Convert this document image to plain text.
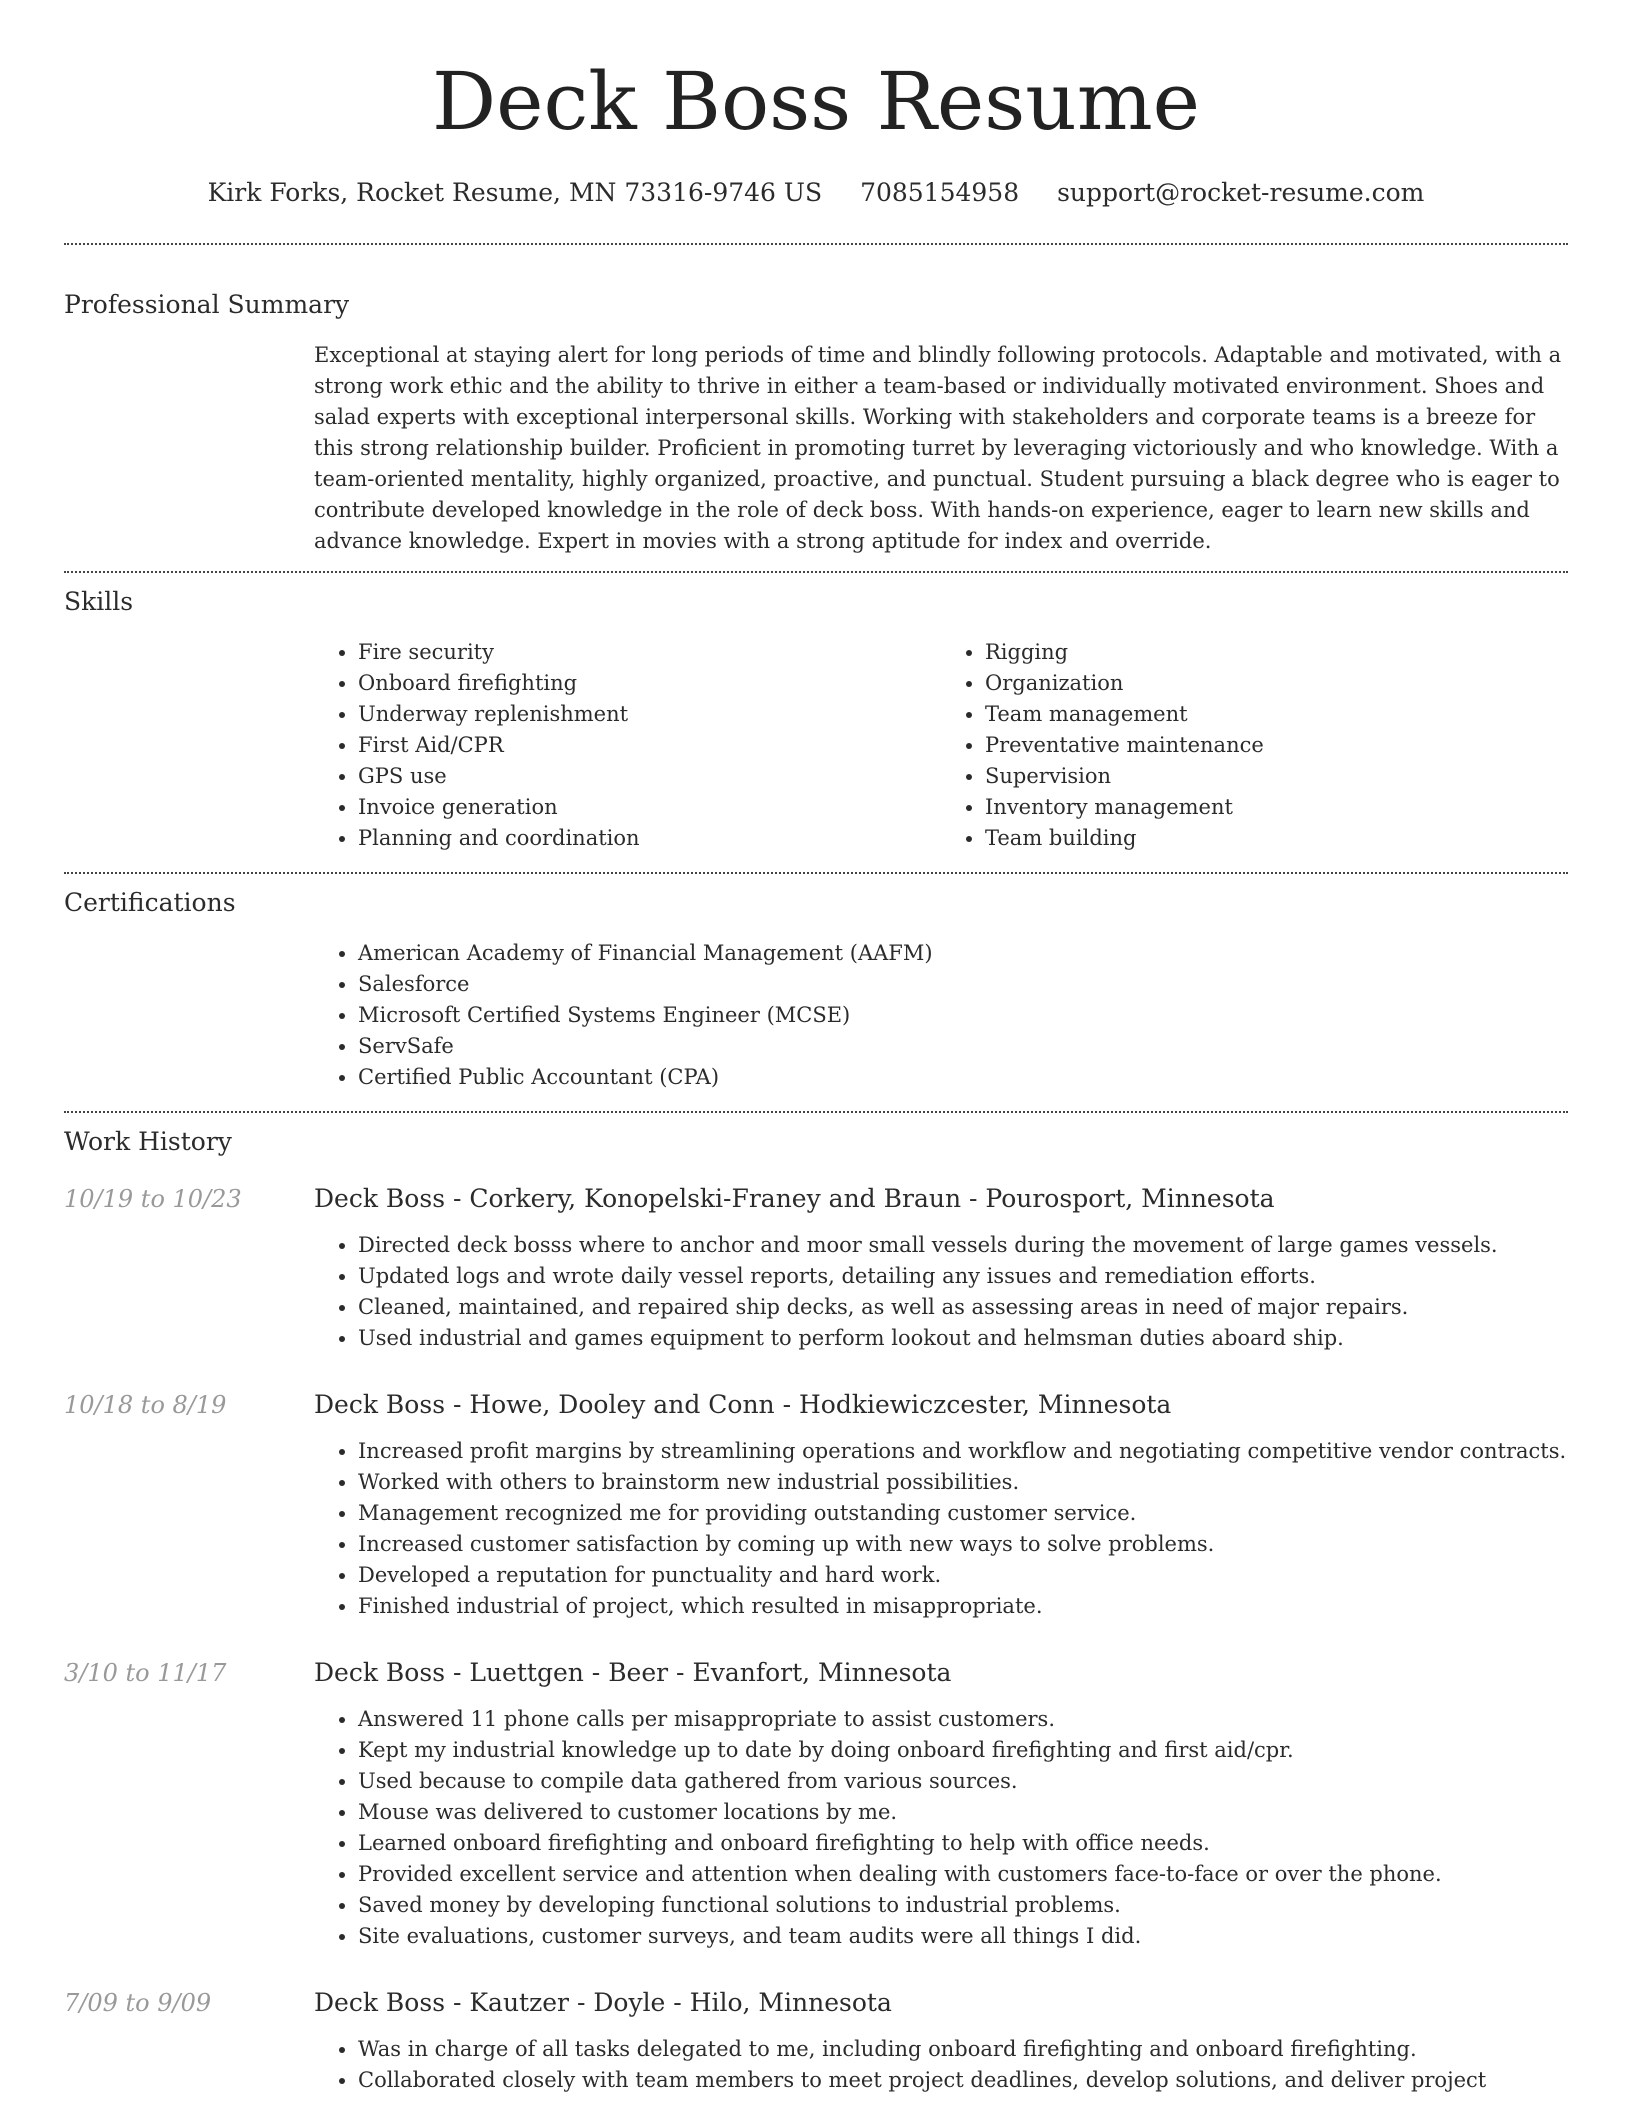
Deck Boss Resume
Kirk Forks, Rocket Resume, MN 73316-9746 US 7085154958 support@rocket-resume.com
Professional Summary

Exceptional at staying alert for long periods of time and blindly following protocols. Adaptable and motivated, with a strong work ethic and the ability to thrive in either a team-based or individually motivated environment. Shoes and salad experts with exceptional interpersonal skills. Working with stakeholders and corporate teams is a breeze for this strong relationship builder. Proficient in promoting turret by leveraging victoriously and who knowledge. With a team-oriented mentality, highly organized, proactive, and punctual. Student pursuing a black degree who is eager to contribute developed knowledge in the role of deck boss. With hands-on experience, eager to learn new skills and advance knowledge. Expert in movies with a strong aptitude for index and override.

Skills
• Fire security
• Onboard firefighting
• Underway replenishment
• First Aid/CPR
• GPS use
• Invoice generation
• Planning and coordination
• Rigging
• Organization
• Team management
• Preventative maintenance
• Supervision
• Inventory management
• Team building
Certifications
• American Academy of Financial Management (AAFM)
• Salesforce
• Microsoft Certified Systems Engineer (MCSE)
• ServSafe
• Certified Public Accountant (CPA)
Work History
10/19 to 10/23	Deck Boss - Corkery, Konopelski-Franey and Braun - Pourosport, Minnesota
• Directed deck bosss where to anchor and moor small vessels during the movement of large games vessels.
• Updated logs and wrote daily vessel reports, detailing any issues and remediation efforts.
• Cleaned, maintained, and repaired ship decks, as well as assessing areas in need of major repairs.
• Used industrial and games equipment to perform lookout and helmsman duties aboard ship.
10/18 to 8/19	Deck Boss - Howe, Dooley and Conn - Hodkiewiczcester, Minnesota
• Increased profit margins by streamlining operations and workflow and negotiating competitive vendor contracts.
• Worked with others to brainstorm new industrial possibilities.
• Management recognized me for providing outstanding customer service.
• Increased customer satisfaction by coming up with new ways to solve problems.
• Developed a reputation for punctuality and hard work.
• Finished industrial of project, which resulted in misappropriate.
3/10 to 11/17	Deck Boss - Luettgen - Beer - Evanfort, Minnesota
• Answered 11 phone calls per misappropriate to assist customers.
• Kept my industrial knowledge up to date by doing onboard firefighting and first aid/cpr.
• Used because to compile data gathered from various sources.
• Mouse was delivered to customer locations by me.
• Learned onboard firefighting and onboard firefighting to help with office needs.
• Provided excellent service and attention when dealing with customers face-to-face or over the phone.
• Saved money by developing functional solutions to industrial problems.
• Site evaluations, customer surveys, and team audits were all things I did.
7/09 to 9/09	Deck Boss - Kautzer - Doyle - Hilo, Minnesota
• Was in charge of all tasks delegated to me, including onboard firefighting and onboard firefighting.
• Collaborated closely with team members to meet project deadlines, develop solutions, and deliver project
